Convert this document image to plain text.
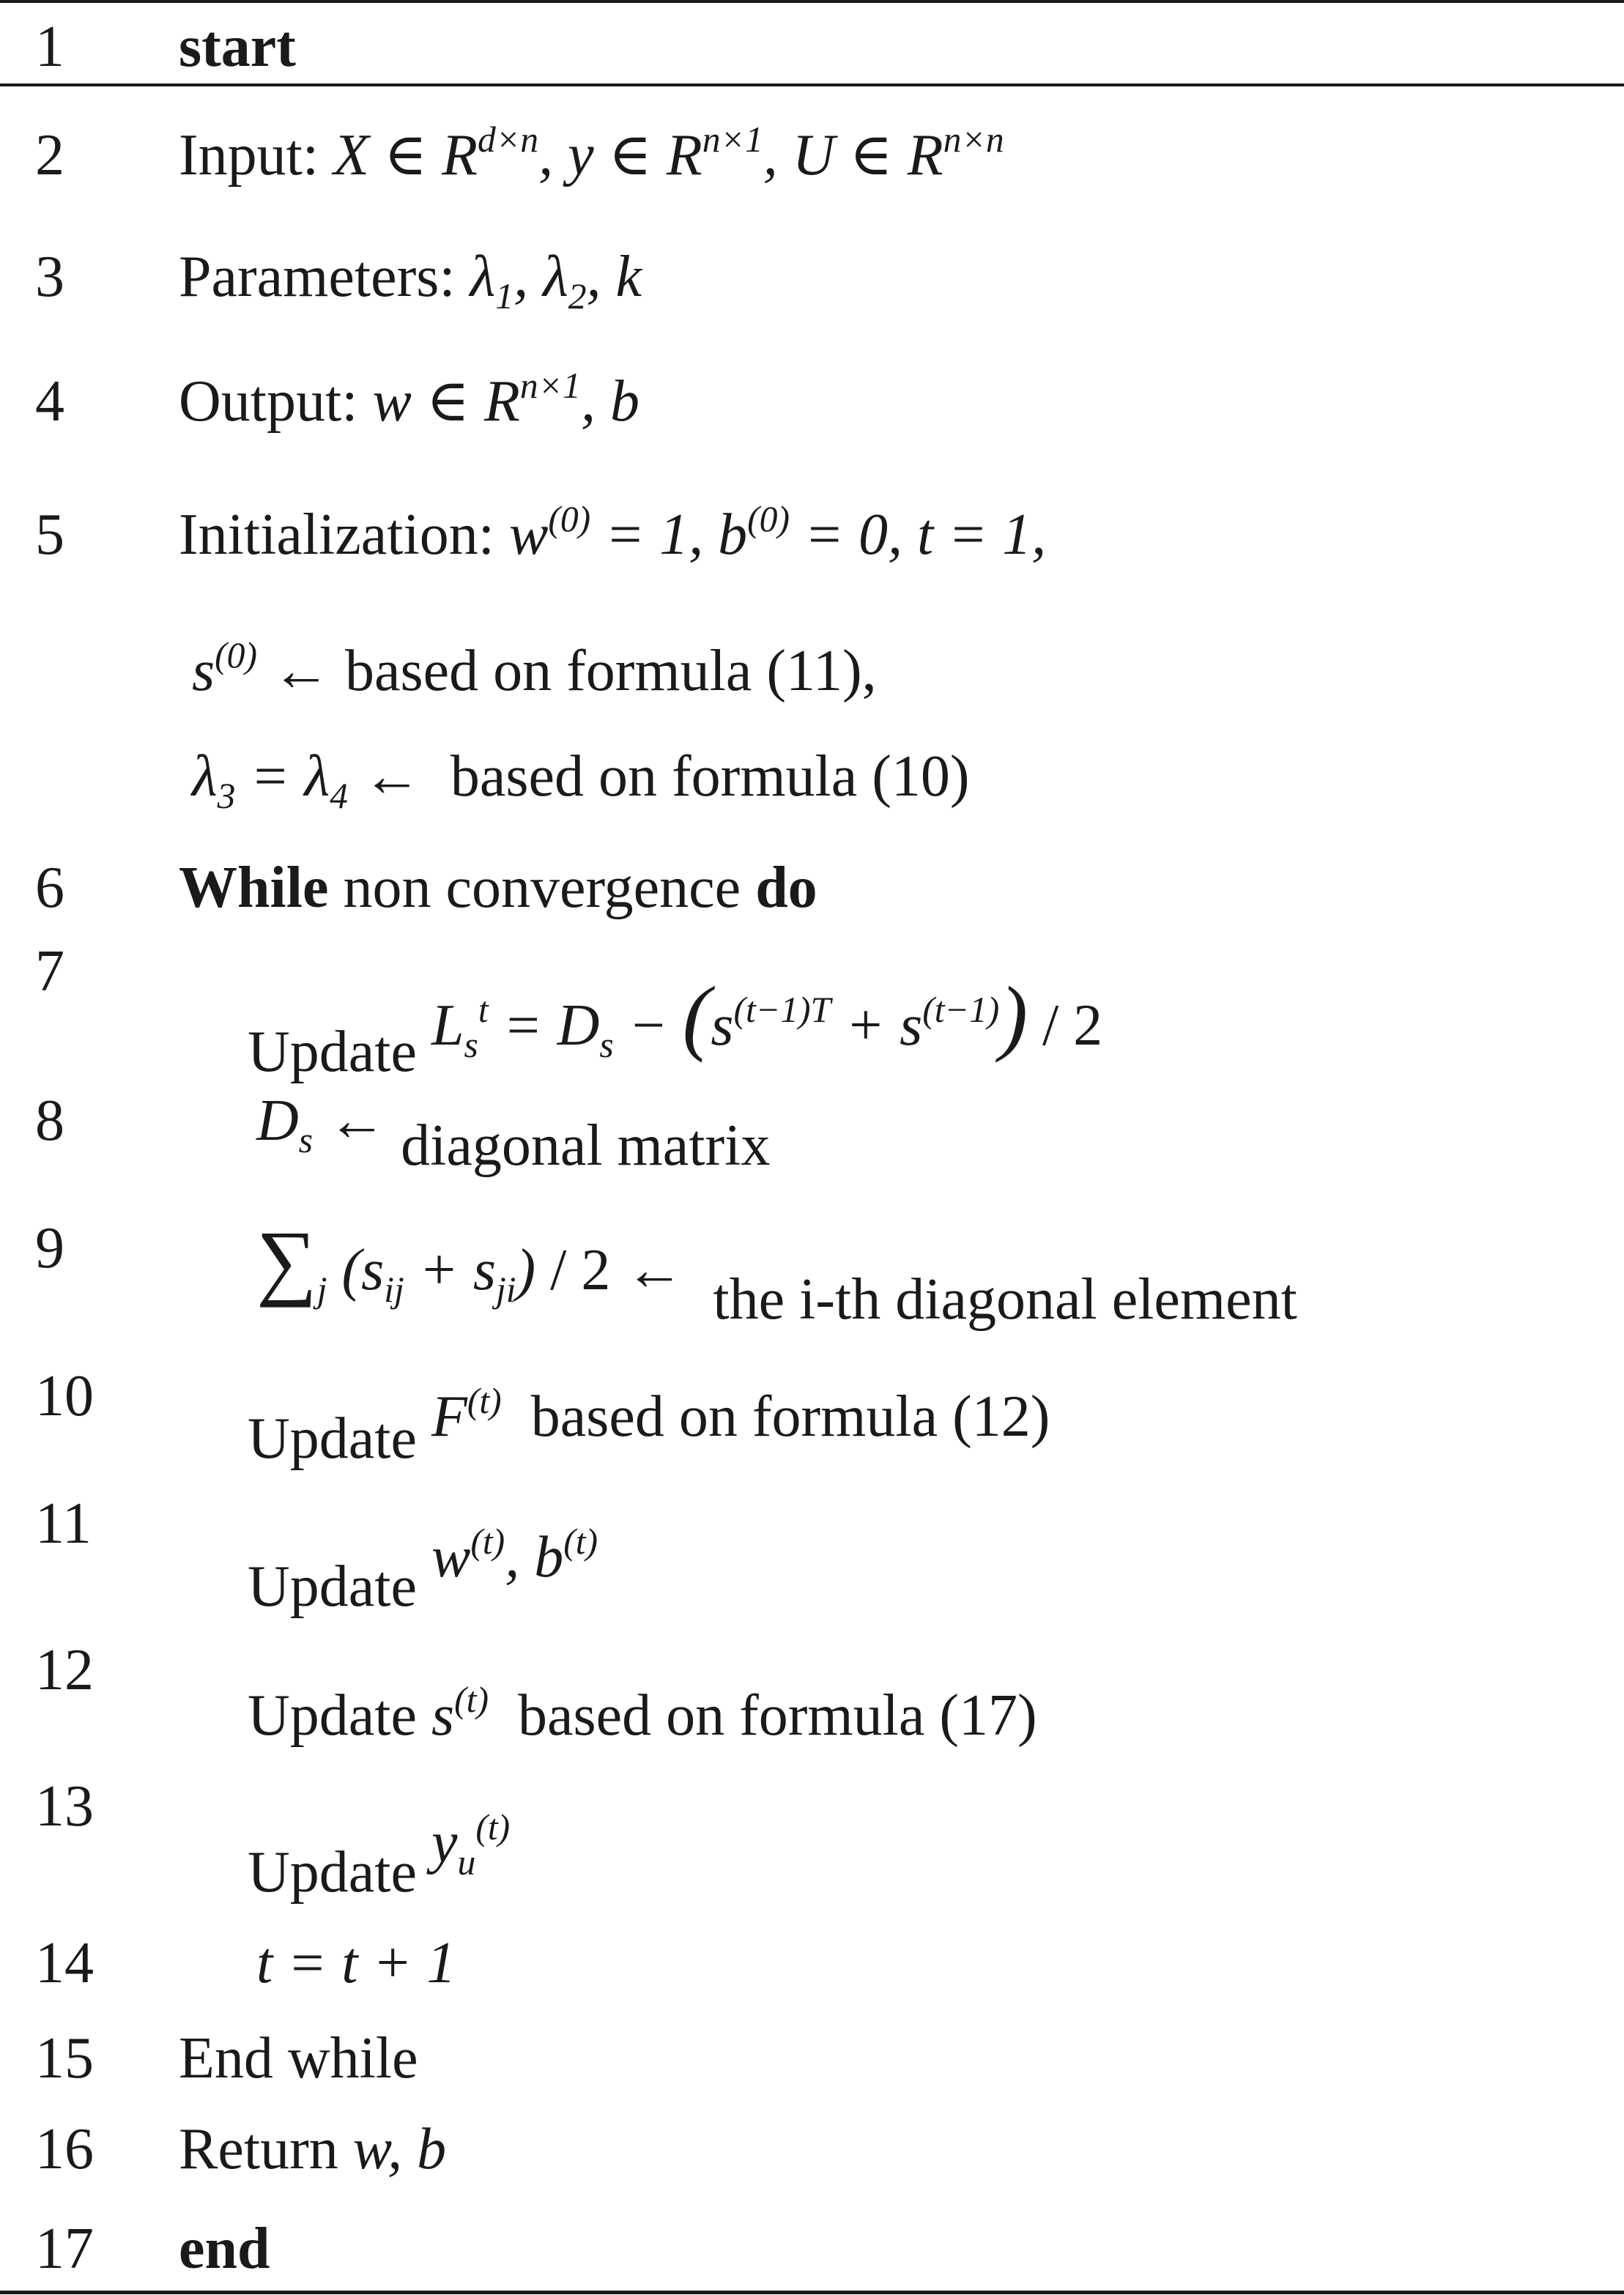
1 start
2 Input: X ∈ $R^{d\times n}$, y ∈ $R^{n\times 1}$, U ∈ $R^{n\times n}$
3 Parameters: $\lambda_1$, $\lambda_2$, k
4 Output: w ∈ $R^{n\times 1}$, b
5 Initialization: $w^{(0)} = 1$, $b^{(0)} = 0$, t = 1,
$s^{(0)}$ ← based on formula (11),
$\lambda_3 = \lambda_4$ ← based on formula (10)
6 While non convergence do
7
Update $L_s^t = D_s - (s^{(t-1)T} + s^{(t-1)}) / 2$
8	$D_s$ ← diagonal matrix
9 $\sum_j$ $(s_{ij} + s_{ji}) / 2$ ← the i-th diagonal element
10
Update $F^{(t)}$ based on formula (12)
11
Update $w^{(t)}$, $b^{(t)}$
12
Update $s^{(t)}$ based on formula (17)
13
Update $y_u^{(t)}$
14	t = t + 1
15 End while
16 Return w, b
17 end
